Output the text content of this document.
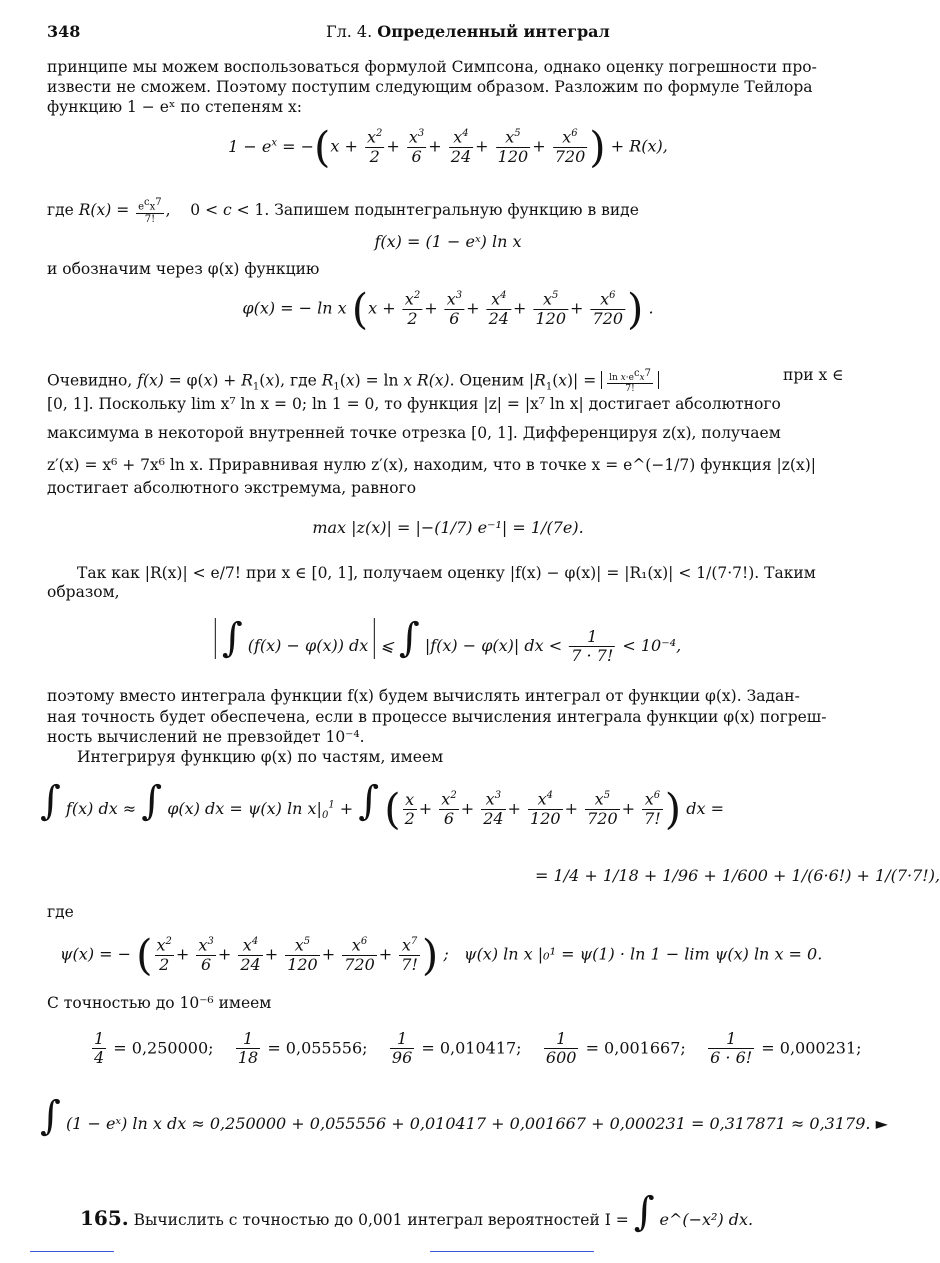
348	Гл. 4. Определенный интеграл
принципе мы можем воспользоваться формулой Симпсона, однако оценку погрешности про-
извести не сможем. Поэтому поступим следующим образом. Разложим по формуле Тейлора
функцию 1 − eˣ по степеням x:
$1 - e^x = -(x + \frac{x^2}{2} + \frac{x^3}{6} + \frac{x^4}{24} + \frac{x^5}{120} + \frac{x^6}{720}$ ) + R(x),
где $R(x) = \frac{e^cx^7}{7!}$ ,    0 < c < 1. Запишем подынтегральную функцию в виде
f(x) = (1 − eˣ) ln x
и обозначим через φ(x) функцию
φ(x) = − ln x ($x + \frac{x^2}{2} + \frac{x^3}{6} + \frac{x^4}{24} + \frac{x^5}{120} + \frac{x^6}{720}$ ) .
Очевидно, $f(x) = \varphi(x) + R_1(x)$, где $R_1(x) = \ln x$ R(x). Оценим $|R_1(x)| = \frac{\ln x\cdot e^cx^7}{7!}$	при x ∈
[0, 1]. Поскольку lim x⁷ ln x = 0; ln 1 = 0, то функция |z| = |x⁷ ln x| достигает абсолютного
максимума в некоторой внутренней точке отрезка [0, 1]. Дифференцируя z(x), получаем
z′(x) = x⁶ + 7x⁶ ln x. Приравнивая нулю z′(x), находим, что в точке x = e^(−1/7) функция |z(x)|
достигает абсолютного экстремума, равного
max |z(x)| = |−(1/7) e⁻¹| = 1/(7e).
Так как |R(x)| < e/7! при x ∈ [0, 1], получаем оценку |f(x) − φ(x)| = |R₁(x)| < 1/(7·7!). Таким
образом,
∫ (f(x) − φ(x)) dx ⩽ ∫ |f(x) − φ(x)| dx < $\frac{1}{7 \cdot 7!} < 10^{-4}$,
поэтому вместо интеграла функции f(x) будем вычислять интеграл от функции φ(x). Задан-
ная точность будет обеспечена, если в процессе вычисления интеграла функции φ(x) погреш-
ность вычислений не превзойдет 10⁻⁴.
Интегрируя функцию φ(x) по частям, имеем
∫ f(x) dx ≈ ∫ φ(x) dx = ψ(x) $\ln x|_0^1$ + ∫ ( $\frac{x}{2} + \frac{x^2}{6} + \frac{x^3}{24} + \frac{x^4}{120} + \frac{x^5}{720} + \frac{x^6}{7!}$ ) dx =
= 1/4 + 1/18 + 1/96 + 1/600 + 1/(6·6!) + 1/(7·7!),
где
ψ(x) = − ( $\frac{x^2}{2} + \frac{x^3}{6} + \frac{x^4}{24} + \frac{x^5}{120} + \frac{x^6}{720} + \frac{x^7}{7!}$ ) ;   ψ(x) ln x |₀¹ = ψ(1) · ln 1 − lim ψ(x) ln x = 0.
С точностью до 10⁻⁶ имеем
$\frac{1}{4} = 0,250000$; $\frac{1}{18} = 0,055556$; $\frac{1}{96} = 0,010417$; $\frac{1}{600} = 0,001667$; $\frac{1}{6 \cdot 6!} = 0,000231$;
∫ (1 − eˣ) ln x dx ≈ 0,250000 + 0,055556 + 0,010417 + 0,001667 + 0,000231 = 0,317871 ≈ 0,3179. ►
165. Вычислить с точностью до 0,001 интеграл вероятностей I = ∫ e^(−x²) dx.
